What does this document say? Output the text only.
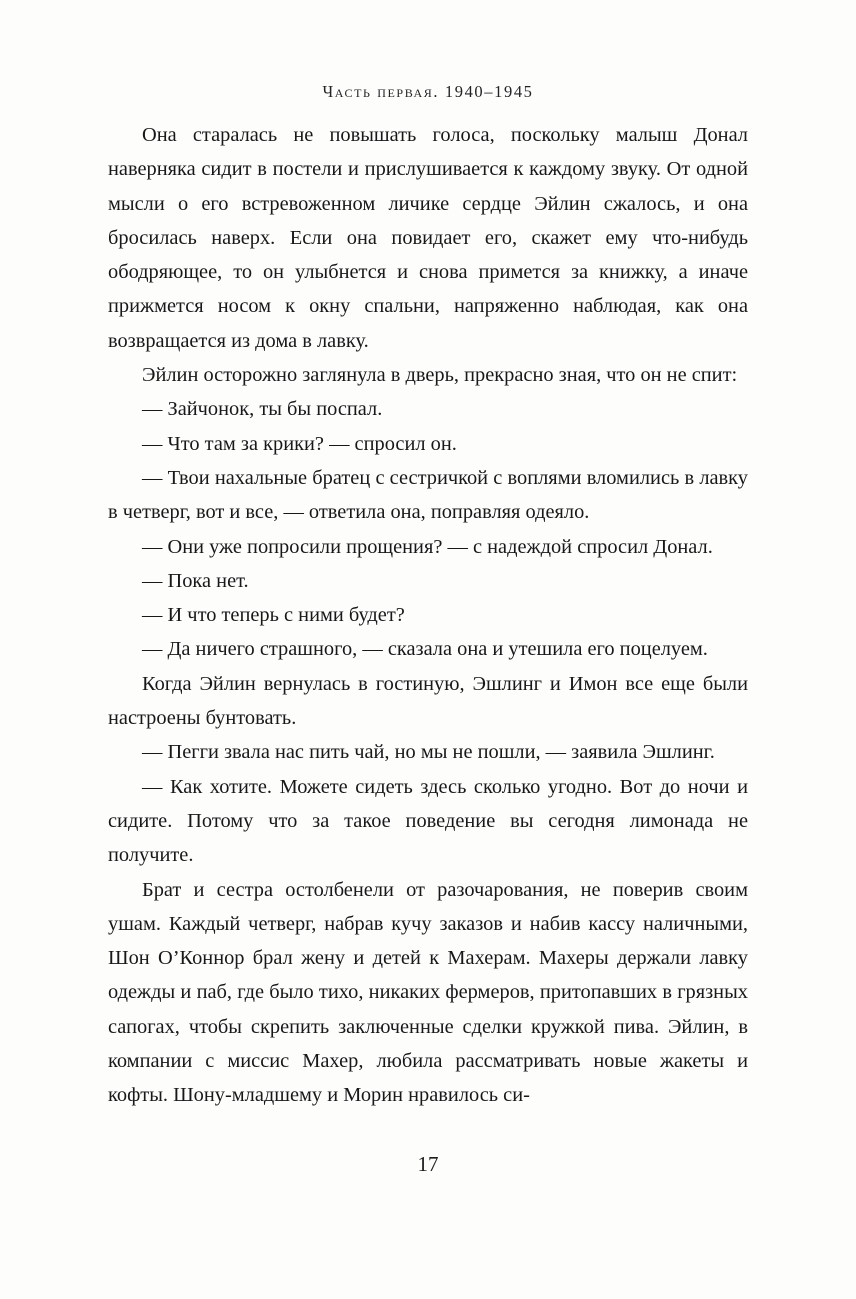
Часть первая. 1940–1945

Она старалась не повышать голоса, поскольку малыш Донал наверняка сидит в постели и прислушивается к каждому звуку. От одной мысли о его встревоженном личике сердце Эйлин сжалось, и она бросилась наверх. Если она повидает его, скажет ему что-нибудь ободряющее, то он улыбнется и снова примется за книжку, а иначе прижмется носом к окну спальни, напряженно наблюдая, как она возвращается из дома в лавку.

Эйлин осторожно заглянула в дверь, прекрасно зная, что он не спит:

— Зайчонок, ты бы поспал.

— Что там за крики? — спросил он.

— Твои нахальные братец с сестричкой с воплями вломились в лавку в четверг, вот и все, — ответила она, поправляя одеяло.

— Они уже попросили прощения? — с надеждой спросил Донал.

— Пока нет.

— И что теперь с ними будет?

— Да ничего страшного, — сказала она и утешила его поцелуем.

Когда Эйлин вернулась в гостиную, Эшлинг и Имон все еще были настроены бунтовать.

— Пегги звала нас пить чай, но мы не пошли, — заявила Эшлинг.

— Как хотите. Можете сидеть здесь сколько угодно. Вот до ночи и сидите. Потому что за такое поведение вы сегодня лимонада не получите.

Брат и сестра остолбенели от разочарования, не поверив своим ушам. Каждый четверг, набрав кучу заказов и набив кассу наличными, Шон О’Коннор брал жену и детей к Махерам. Махеры держали лавку одежды и паб, где было тихо, никаких фермеров, притопавших в грязных сапогах, чтобы скрепить заключенные сделки кружкой пива. Эйлин, в компании с миссис Махер, любила рассматривать новые жакеты и кофты. Шону-младшему и Морин нравилось си-

17
